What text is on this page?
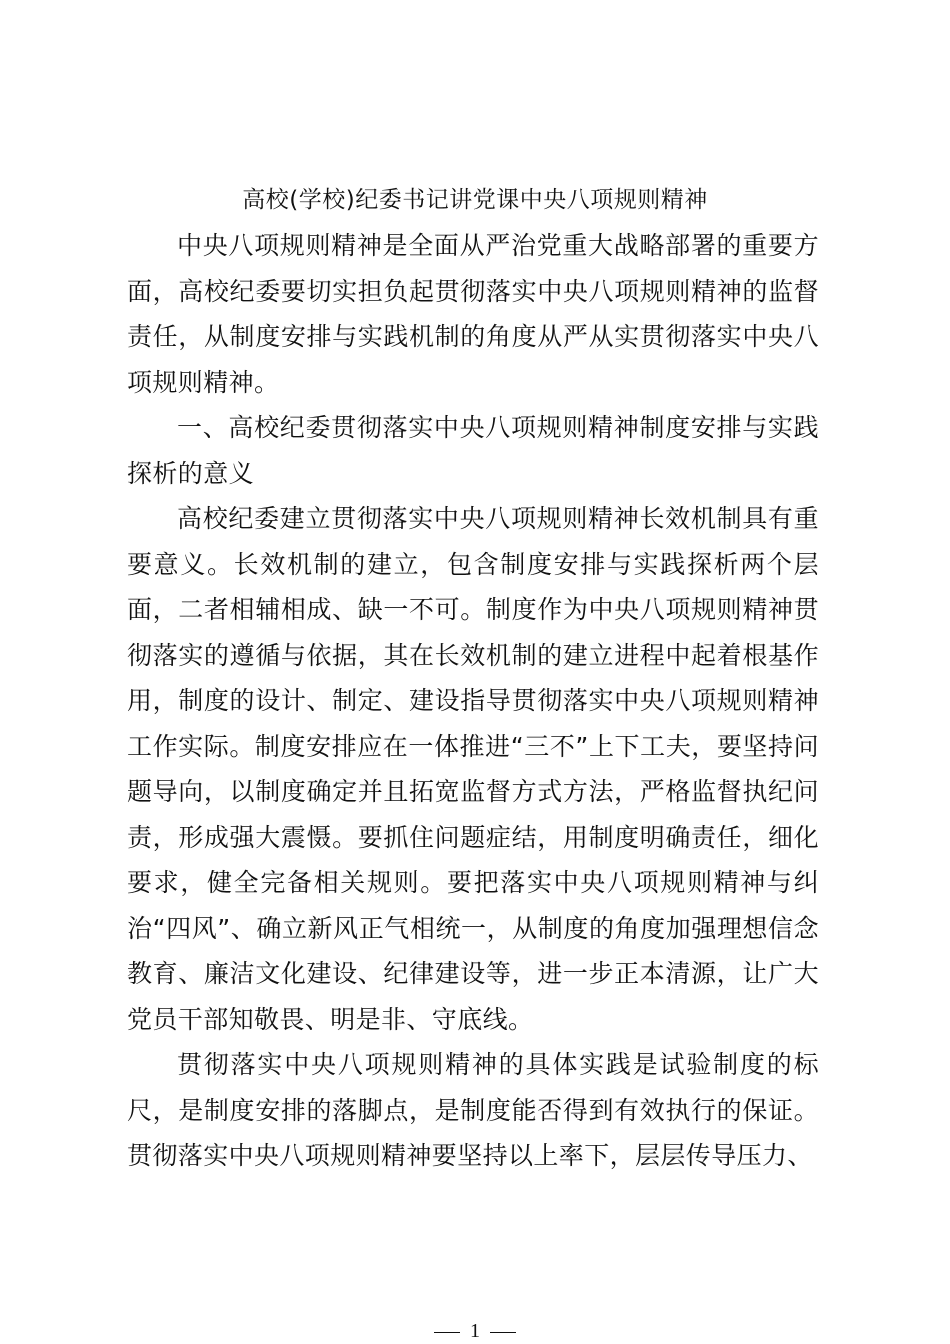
高校(学校)纪委书记讲党课中央八项规则精神

中央八项规则精神是全面从严治党重大战略部署的重要方面，高校纪委要切实担负起贯彻落实中央八项规则精神的监督责任，从制度安排与实践机制的角度从严从实贯彻落实中央八项规则精神。

一、高校纪委贯彻落实中央八项规则精神制度安排与实践探析的意义

高校纪委建立贯彻落实中央八项规则精神长效机制具有重要意义。长效机制的建立，包含制度安排与实践探析两个层面，二者相辅相成、缺一不可。制度作为中央八项规则精神贯彻落实的遵循与依据，其在长效机制的建立进程中起着根基作用，制度的设计、制定、建设指导贯彻落实中央八项规则精神工作实际。制度安排应在一体推进“三不”上下工夫，要坚持问题导向，以制度确定并且拓宽监督方式方法，严格监督执纪问责，形成强大震慑。要抓住问题症结，用制度明确责任，细化要求，健全完备相关规则。要把落实中央八项规则精神与纠治“四风”、确立新风正气相统一，从制度的角度加强理想信念教育、廉洁文化建设、纪律建设等，进一步正本清源，让广大党员干部知敬畏、明是非、守底线。

贯彻落实中央八项规则精神的具体实践是试验制度的标尺，是制度安排的落脚点，是制度能否得到有效执行的保证。贯彻落实中央八项规则精神要坚持以上率下，层层传导压力、

1
